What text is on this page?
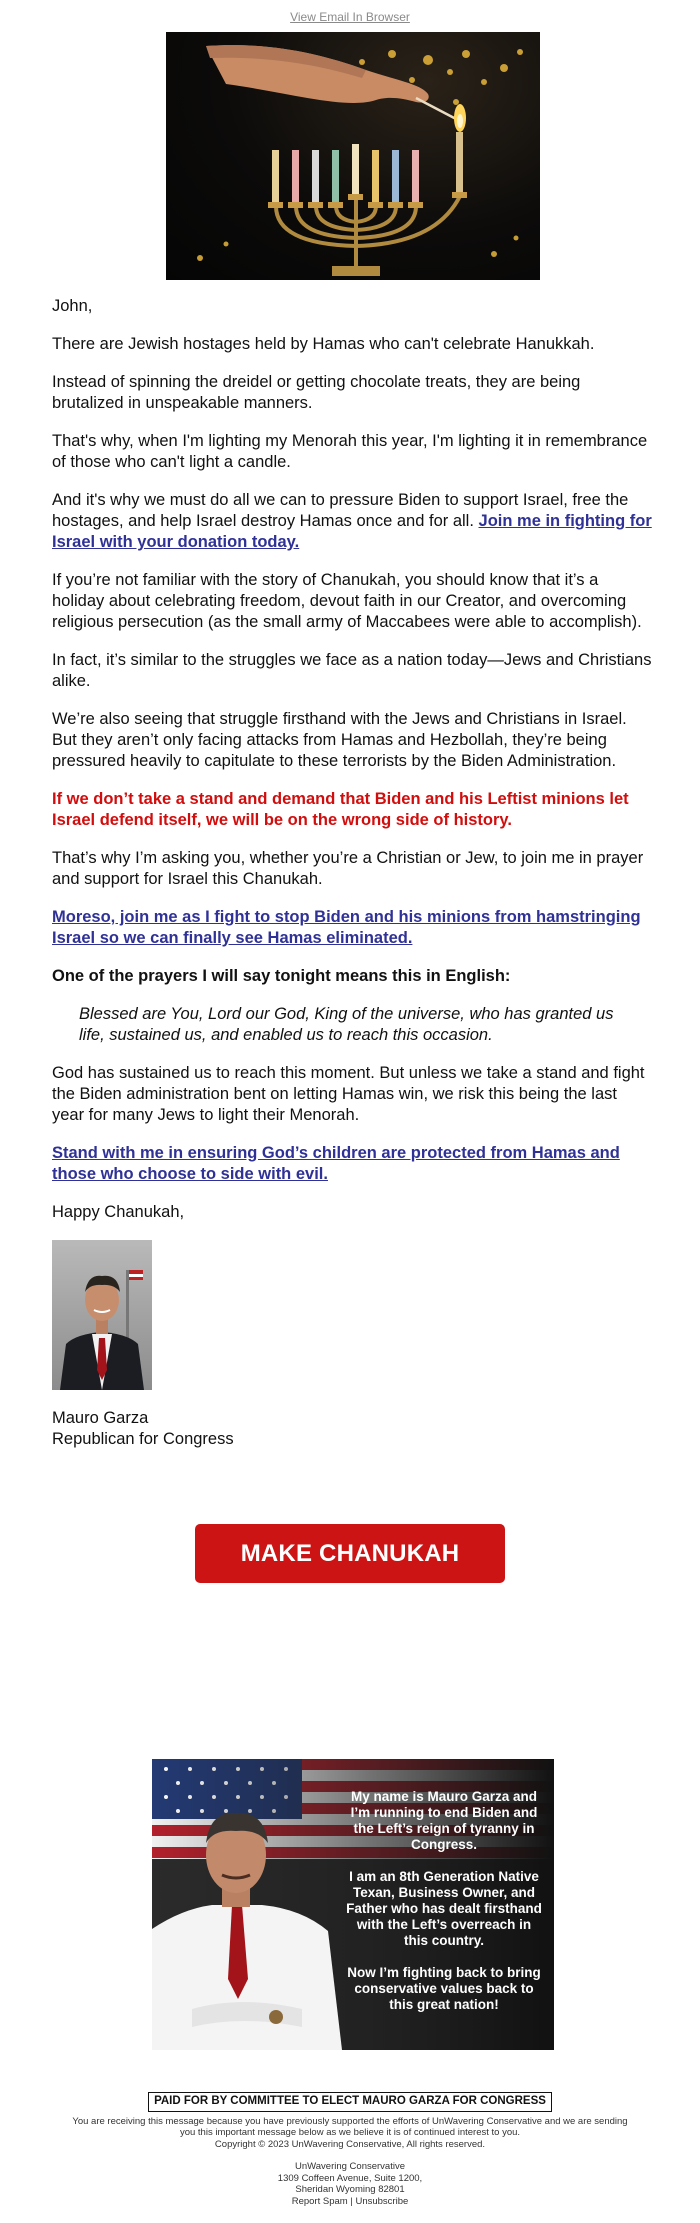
View Email In Browser

John,

There are Jewish hostages held by Hamas who can't celebrate Hanukkah.

Instead of spinning the dreidel or getting chocolate treats, they are being brutalized in unspeakable manners.

That's why, when I'm lighting my Menorah this year, I'm lighting it in remembrance of those who can't light a candle.

And it's why we must do all we can to pressure Biden to support Israel, free the hostages, and help Israel destroy Hamas once and for all. Join me in fighting for Israel with your donation today.

If you’re not familiar with the story of Chanukah, you should know that it’s a holiday about celebrating freedom, devout faith in our Creator, and overcoming religious persecution (as the small army of Maccabees were able to accomplish).

In fact, it’s similar to the struggles we face as a nation today—Jews and Christians alike.

We’re also seeing that struggle firsthand with the Jews and Christians in Israel. But they aren’t only facing attacks from Hamas and Hezbollah, they’re being pressured heavily to capitulate to these terrorists by the Biden Administration.

If we don’t take a stand and demand that Biden and his Leftist minions let Israel defend itself, we will be on the wrong side of history.

That’s why I’m asking you, whether you’re a Christian or Jew, to join me in prayer and support for Israel this Chanukah.

Moreso, join me as I fight to stop Biden and his minions from hamstringing Israel so we can finally see Hamas eliminated.

One of the prayers I will say tonight means this in English:

Blessed are You, Lord our God, King of the universe, who has granted us life, sustained us, and enabled us to reach this occasion.

God has sustained us to reach this moment. But unless we take a stand and fight the Biden administration bent on letting Hamas win, we risk this being the last year for many Jews to light their Menorah.

Stand with me in ensuring God’s children are protected from Hamas and those who choose to side with evil.

Happy Chanukah,

Mauro Garza

Republican for Congress

MAKE CHANUKAH MATTER!

My name is Mauro Garza and I’m running to end Biden and the Left’s reign of tyranny in Congress.

I am an 8th Generation Native Texan, Business Owner, and Father who has dealt firsthand with the Left’s overreach in this country.

Now I’m fighting back to bring conservative values back to this great nation!

PAID FOR BY COMMITTEE TO ELECT MAURO GARZA FOR CONGRESS

You are receiving this message because you have previously supported the efforts of UnWavering Conservative and we are sending

you this important message below as we believe it is of continued interest to you.

Copyright © 2023 UnWavering Conservative, All rights reserved.

UnWavering Conservative

1309 Coffeen Avenue, Suite 1200,

Sheridan Wyoming 82801

Report Spam | Unsubscribe
